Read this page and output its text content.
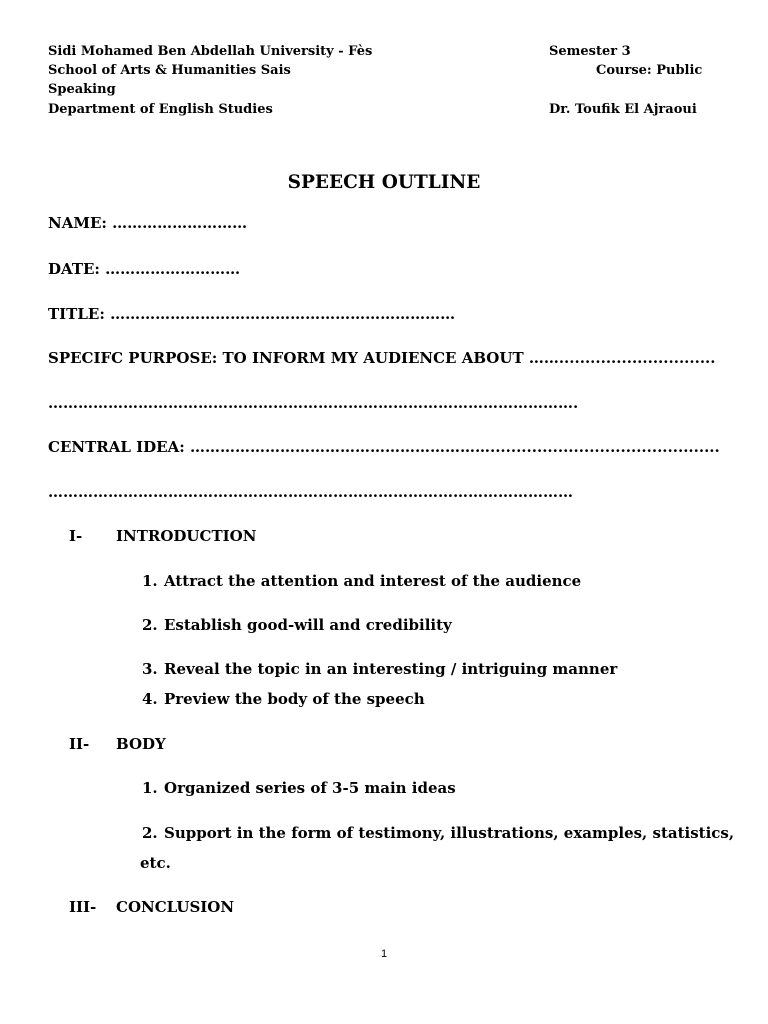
Sidi Mohamed Ben Abdellah University - Fès
School of Arts & Humanities Sais
Speaking
Department of English Studies
Semester 3
Course: Public
Dr. Toufik El Ajraoui
SPEECH OUTLINE
NAME: ………………………
DATE: ………………………
TITLE: ……………………………………………………………
SPECIFC PURPOSE: TO INFORM MY AUDIENCE ABOUT ……..............................
…………………………………………………………………………………………….
CENTRAL IDEA: ……………………………………………………............................................
……………………………………………………………………………………………
I- INTRODUCTION
1. Attract the attention and interest of the audience
2. Establish good-will and credibility
3. Reveal the topic in an interesting / intriguing manner
4. Preview the body of the speech
II- BODY
1. Organized series of 3-5 main ideas
2. Support in the form of testimony, illustrations, examples, statistics,
etc.
III- CONCLUSION
1
